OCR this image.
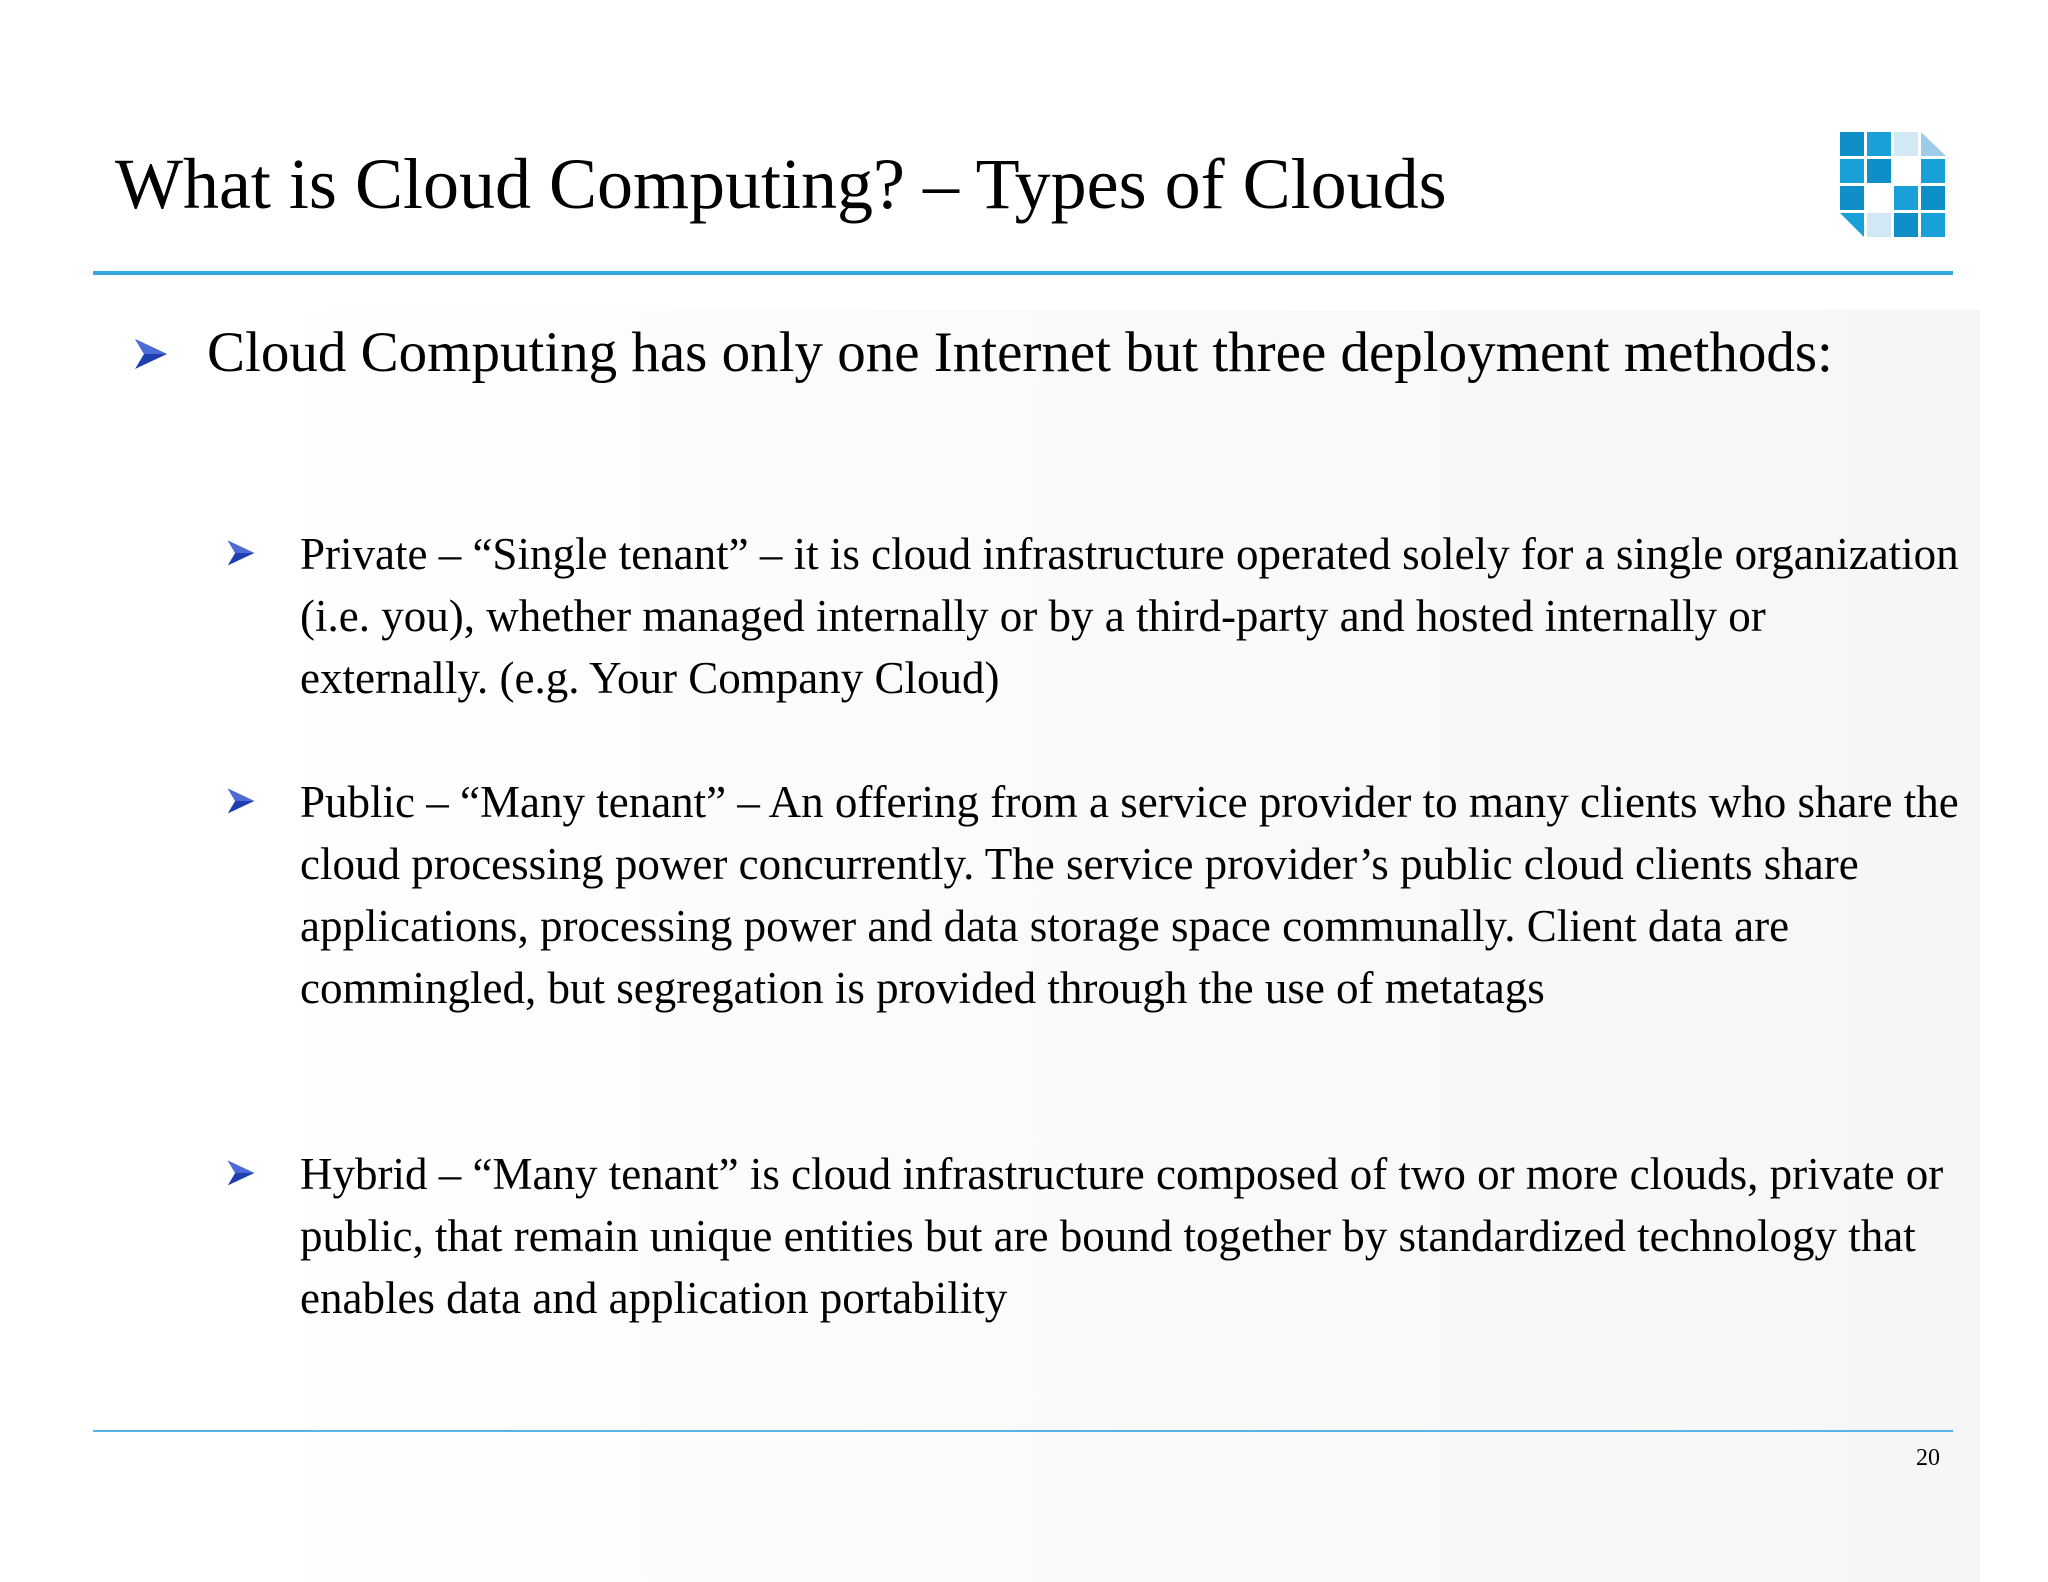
What is Cloud Computing? – Types of Clouds
Cloud Computing has only one Internet but three deployment methods:
Private – “Single tenant” – it is cloud infrastructure operated solely for a single organization (i.e. you), whether managed internally or by a third-party and hosted internally or externally. (e.g. Your Company Cloud)
Public – “Many tenant” – An offering from a service provider to many clients who share the cloud processing power concurrently. The service provider’s public cloud clients share applications, processing power and data storage space communally. Client data are commingled, but segregation is provided through the use of metatags
Hybrid – “Many tenant” is cloud infrastructure composed of two or more clouds, private or public, that remain unique entities but are bound together by standardized technology that enables data and application portability
20
